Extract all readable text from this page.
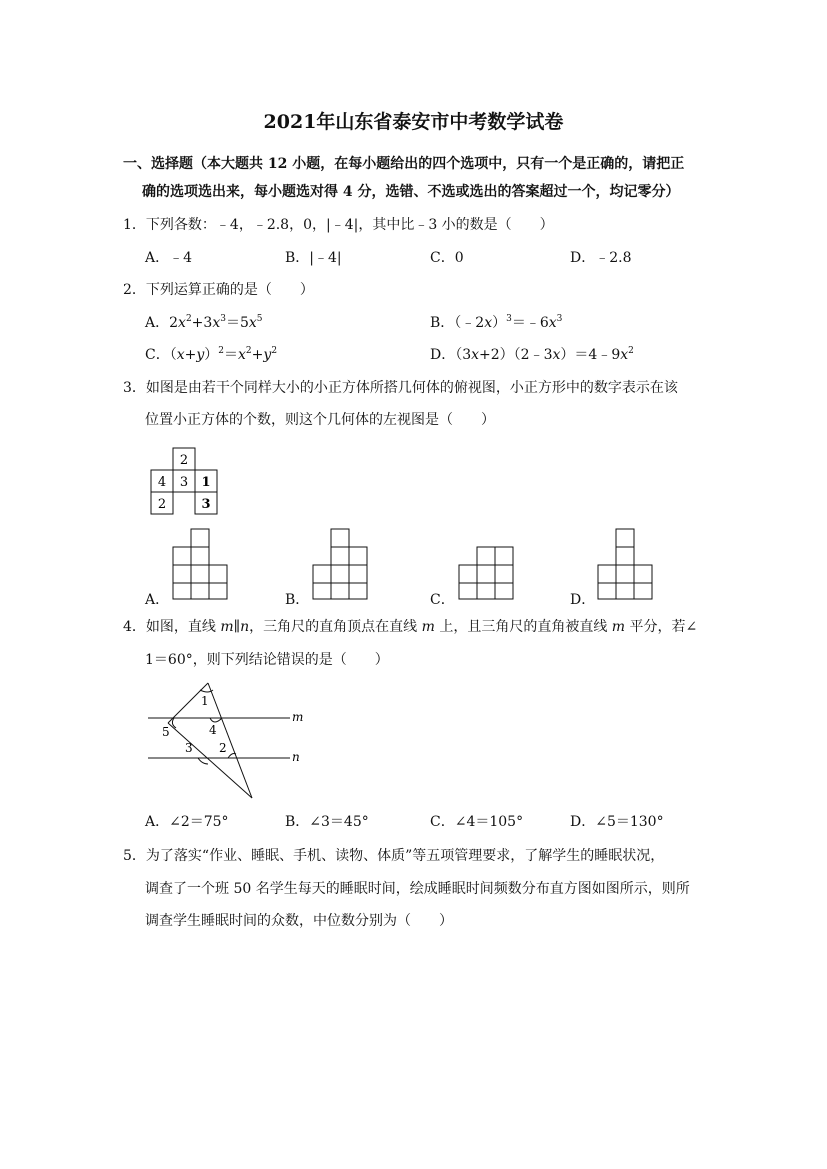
2021年山东省泰安市中考数学试卷
一、选择题（本大题共 12 小题，在每小题给出的四个选项中，只有一个是正确的，请把正
确的选项选出来，每小题选对得 4 分，选错、不选或选出的答案超过一个，均记零分）
1．下列各数：﹣4，﹣2.8，0，|﹣4|，其中比﹣3 小的数是（　　）
A．﹣4	B．|﹣4|	C．0	D．﹣2.8
2．下列运算正确的是（　　）
A．$2x^2+3x^3=5x^5$	B．$(﹣2x)^3=﹣6x^3$
C．$(x+y)^2=x^2+y^2$	D．$(3x+2)(2﹣3x)=4﹣9x^2$
3．如图是由若干个同样大小的小正方体所搭几何体的俯视图，小正方形中的数字表示在该
位置小正方体的个数，则这个几何体的左视图是（　　）
2
4 3 1
2	3
A．	B．	C．	D．
4．如图，直线 m∥n，三角尺的直角顶点在直线 m 上，且三角尺的直角被直线 m 平分，若∠
1＝60°，则下列结论错误的是（　　）
1
2
3
4
5
m
n
A．∠2＝75°	B．∠3＝45°	C．∠4＝105°	D．∠5＝130°
5．为了落实“作业、睡眠、手机、读物、体质”等五项管理要求，了解学生的睡眠状况，
调查了一个班 50 名学生每天的睡眠时间，绘成睡眠时间频数分布直方图如图所示，则所
调查学生睡眠时间的众数，中位数分别为（　　）
